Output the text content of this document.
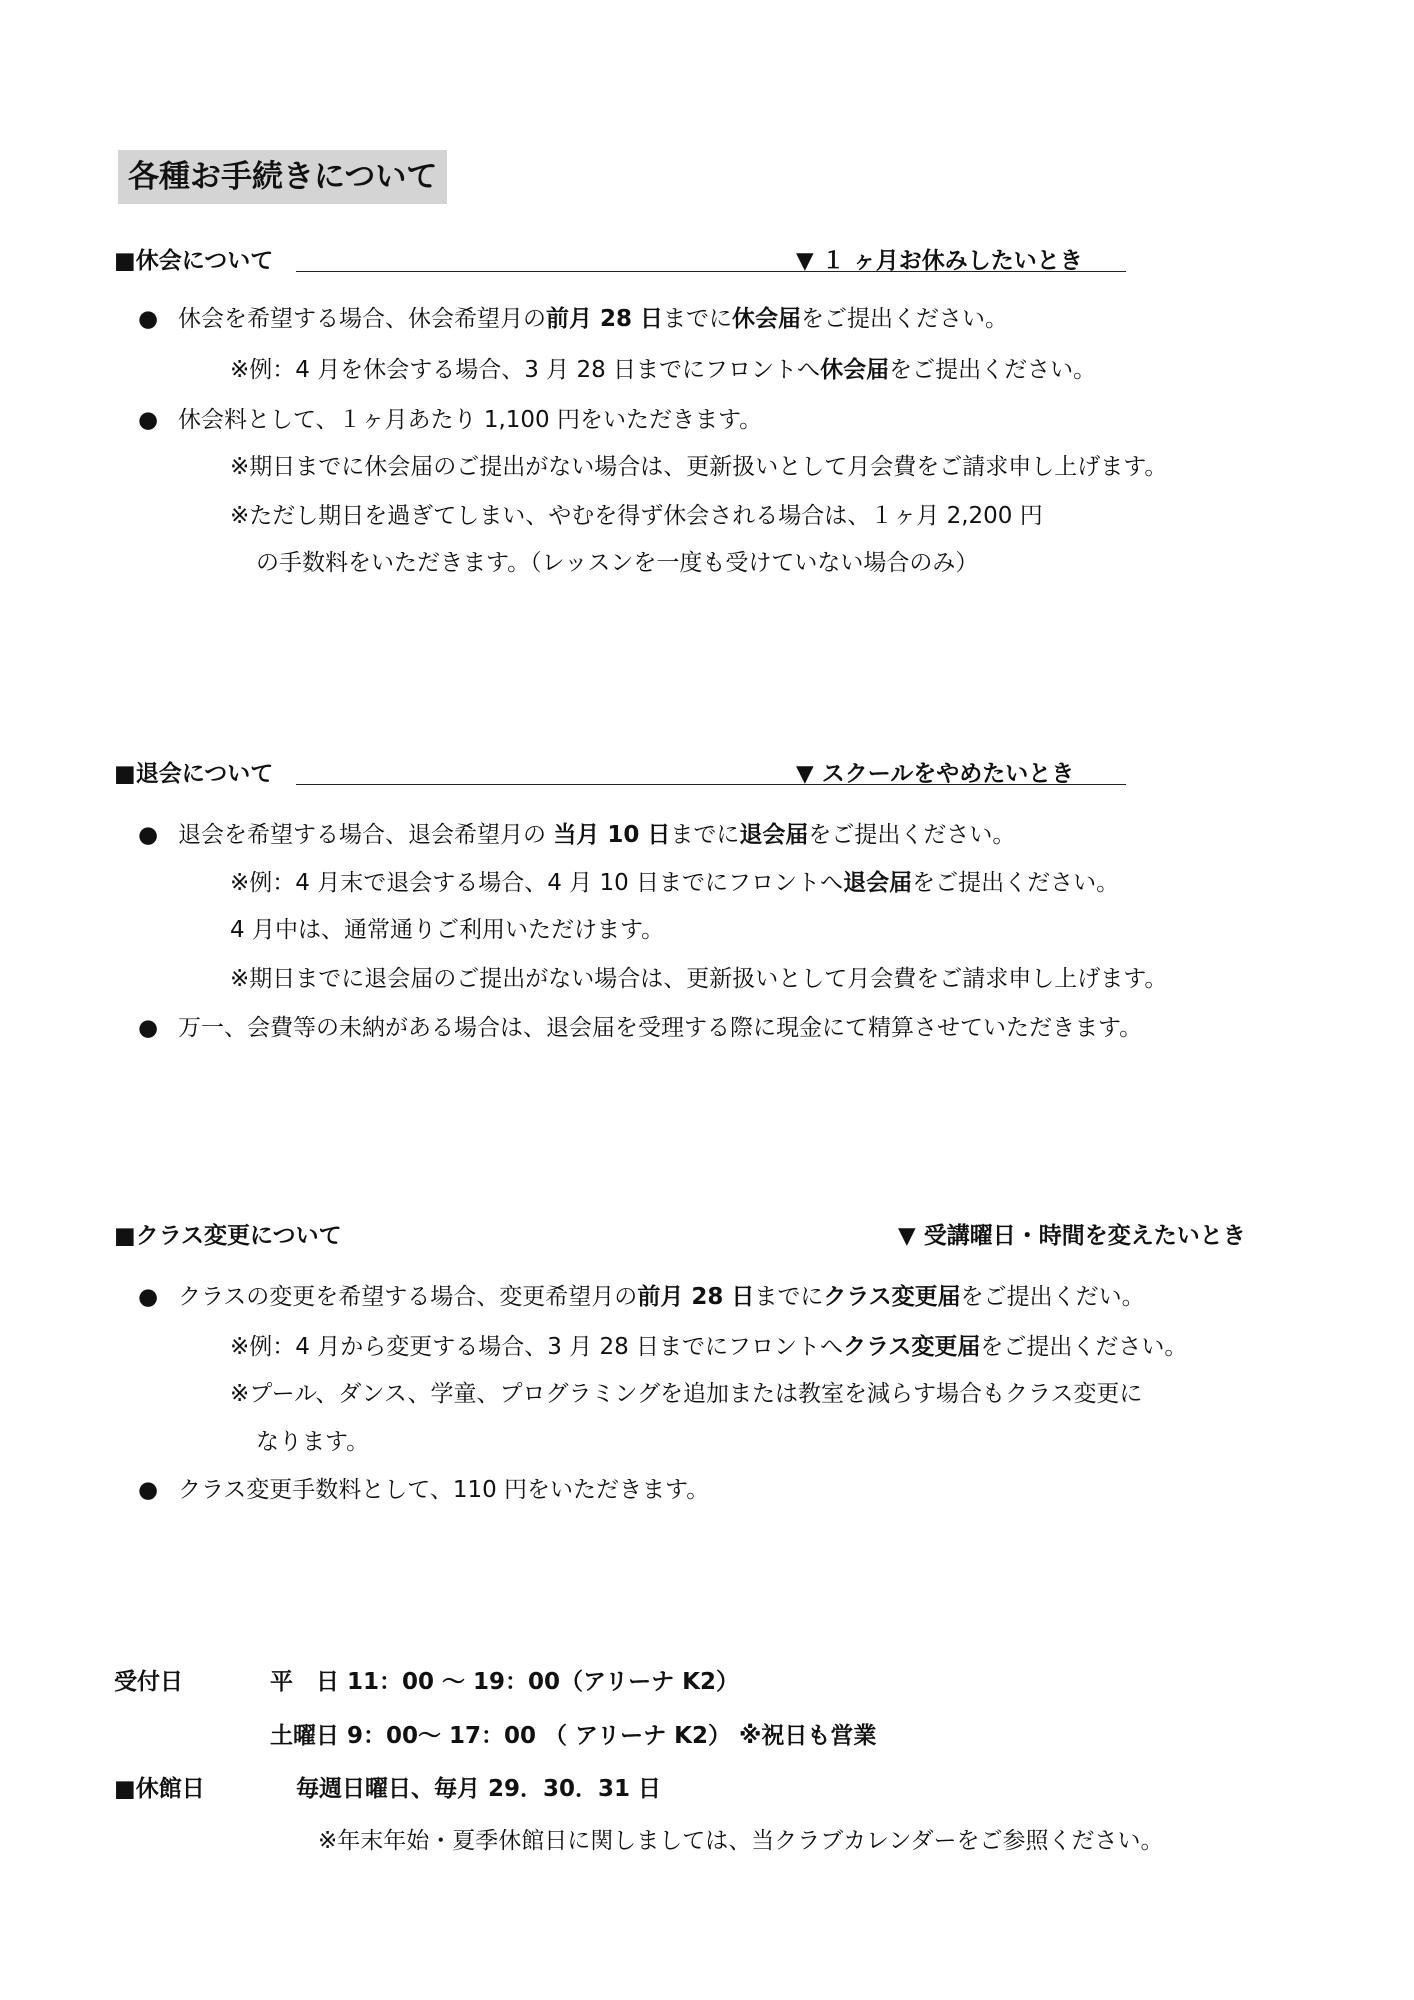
各種お手続きについて
■休会について	▼ １ ヶ月お休みしたいとき
● 休会を希望する場合、休会希望月の前月 28 日までに休会届をご提出ください。
※例：4 月を休会する場合、3 月 28 日までにフロントへ休会届をご提出ください。
● 休会料として、１ヶ月あたり 1,100 円をいただきます。
※期日までに休会届のご提出がない場合は、更新扱いとして月会費をご請求申し上げます。
※ただし期日を過ぎてしまい、やむを得ず休会される場合は、１ヶ月 2,200 円
の手数料をいただきます。（レッスンを一度も受けていない場合のみ）
■退会について	▼ スクールをやめたいとき
● 退会を希望する場合、退会希望月の 当月 10 日までに退会届をご提出ください。
※例：4 月末で退会する場合、4 月 10 日までにフロントへ退会届をご提出ください。
4 月中は、通常通りご利用いただけます。
※期日までに退会届のご提出がない場合は、更新扱いとして月会費をご請求申し上げます。
● 万一、会費等の未納がある場合は、退会届を受理する際に現金にて精算させていただきます。
■クラス変更について	▼ 受講曜日・時間を変えたいとき
● クラスの変更を希望する場合、変更希望月の前月 28 日までにクラス変更届をご提出くだい。
※例：4 月から変更する場合、3 月 28 日までにフロントへクラス変更届をご提出ください。
※プール、ダンス、学童、プログラミングを追加または教室を減らす場合もクラス変更に
なります。
● クラス変更手数料として、110 円をいただきます。
受付日	平　日 11：00 〜 19：00（アリーナ K2）
土曜日 9：00〜 17：00 （ アリーナ K2） ※祝日も営業
■休館日	毎週日曜日、毎月 29．30．31 日
※年末年始・夏季休館日に関しましては、当クラブカレンダーをご参照ください。
